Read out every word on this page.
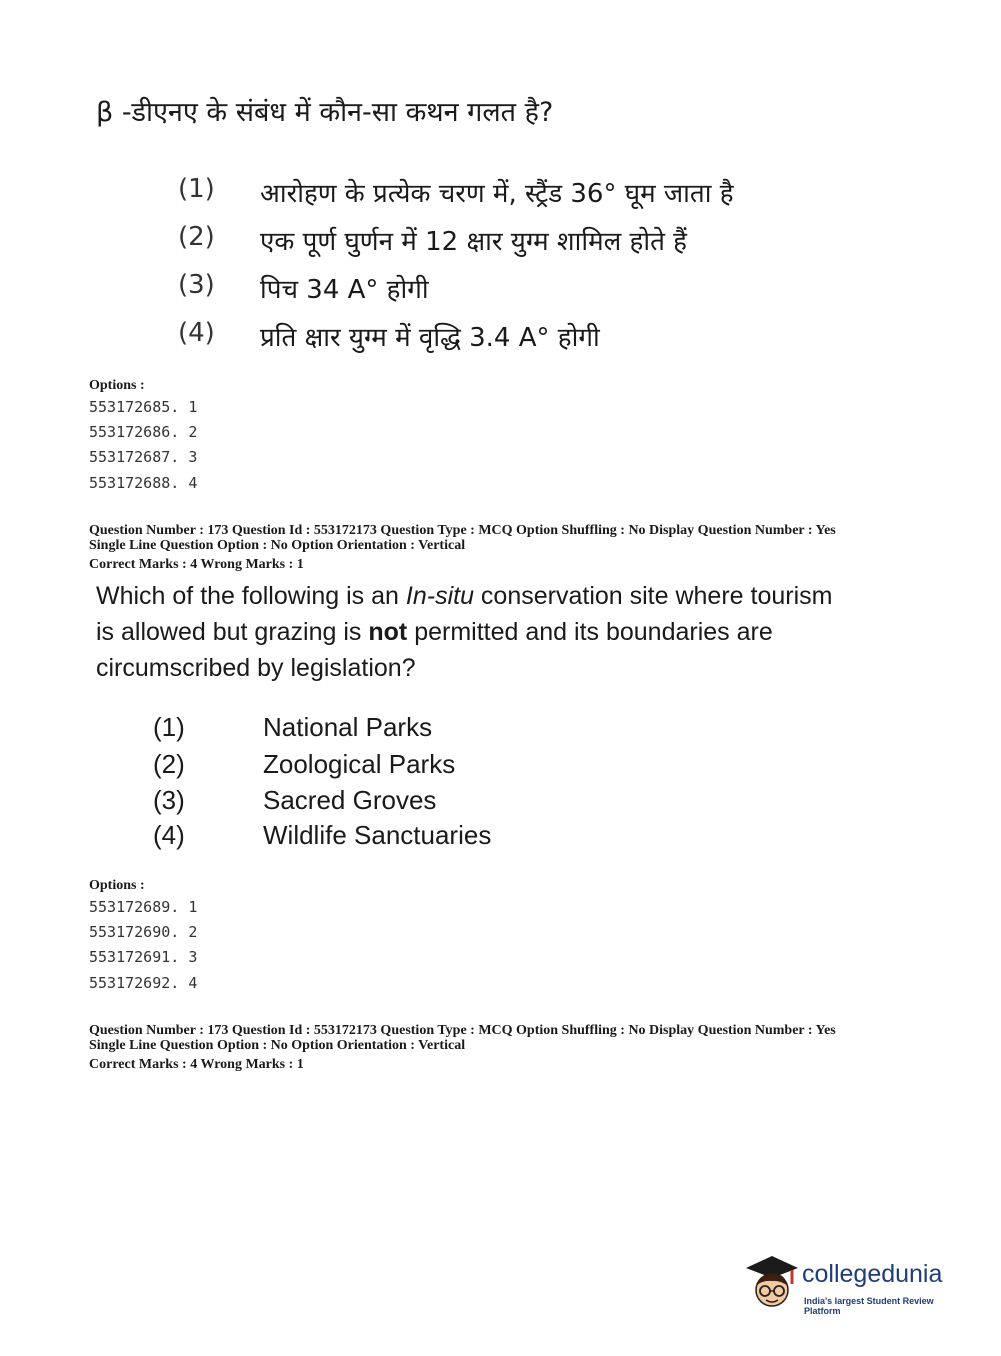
β -डीएनए के संबंध में कौन-सा कथन गलत है?
(1) आरोहण के प्रत्येक चरण में, स्ट्रैंड 36° घूम जाता है
(2) एक पूर्ण घुर्णन में 12 क्षार युग्म शामिल होते हैं
(3) पिच 34 A° होगी
(4) प्रति क्षार युग्म में वृद्धि 3.4 A° होगी
Options :
553172685. 1
553172686. 2
553172687. 3
553172688. 4
Question Number : 173 Question Id : 553172173 Question Type : MCQ Option Shuffling : No Display Question Number : Yes
Single Line Question Option : No Option Orientation : Vertical
Correct Marks : 4 Wrong Marks : 1
Which of the following is an In-situ conservation site where tourism is allowed but grazing is not permitted and its boundaries are circumscribed by legislation?
(1)	National Parks
(2)	Zoological Parks
(3)	Sacred Groves
(4)	Wildlife Sanctuaries
Options :
553172689. 1
553172690. 2
553172691. 3
553172692. 4
Question Number : 173 Question Id : 553172173 Question Type : MCQ Option Shuffling : No Display Question Number : Yes
Single Line Question Option : No Option Orientation : Vertical
Correct Marks : 4 Wrong Marks : 1
collegedunia
India's largest Student Review Platform
